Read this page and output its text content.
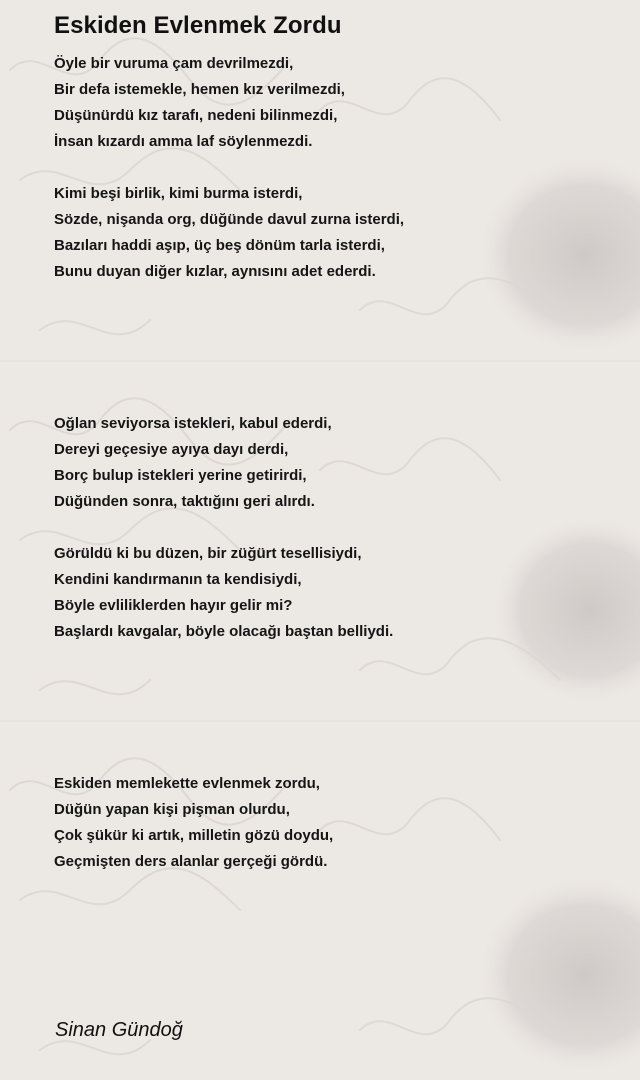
Eskiden Evlenmek Zordu
Öyle bir vuruma çam devrilmezdi,
Bir defa istemekle, hemen kız verilmezdi,
Düşünürdü kız tarafı, nedeni bilinmezdi,
İnsan kızardı amma laf söylenmezdi.
Kimi beşi birlik, kimi burma isterdi,
Sözde, nişanda org, düğünde davul zurna isterdi,
Bazıları haddi aşıp, üç beş dönüm tarla isterdi,
Bunu duyan diğer kızlar, aynısını adet ederdi.
Oğlan seviyorsa istekleri, kabul ederdi,
Dereyi geçesiye ayıya dayı derdi,
Borç bulup istekleri yerine getirirdi,
Düğünden sonra, taktığını geri alırdı.
Görüldü ki bu düzen, bir züğürt tesellisiydi,
Kendini kandırmanın ta kendisiydi,
Böyle evliliklerden hayır gelir mi?
Başlardı kavgalar, böyle olacağı baştan belliydi.
Eskiden memlekette evlenmek zordu,
Düğün yapan kişi pişman olurdu,
Çok şükür ki artık, milletin gözü doydu,
Geçmişten ders alanlar gerçeği gördü.
Sinan Gündoğ
